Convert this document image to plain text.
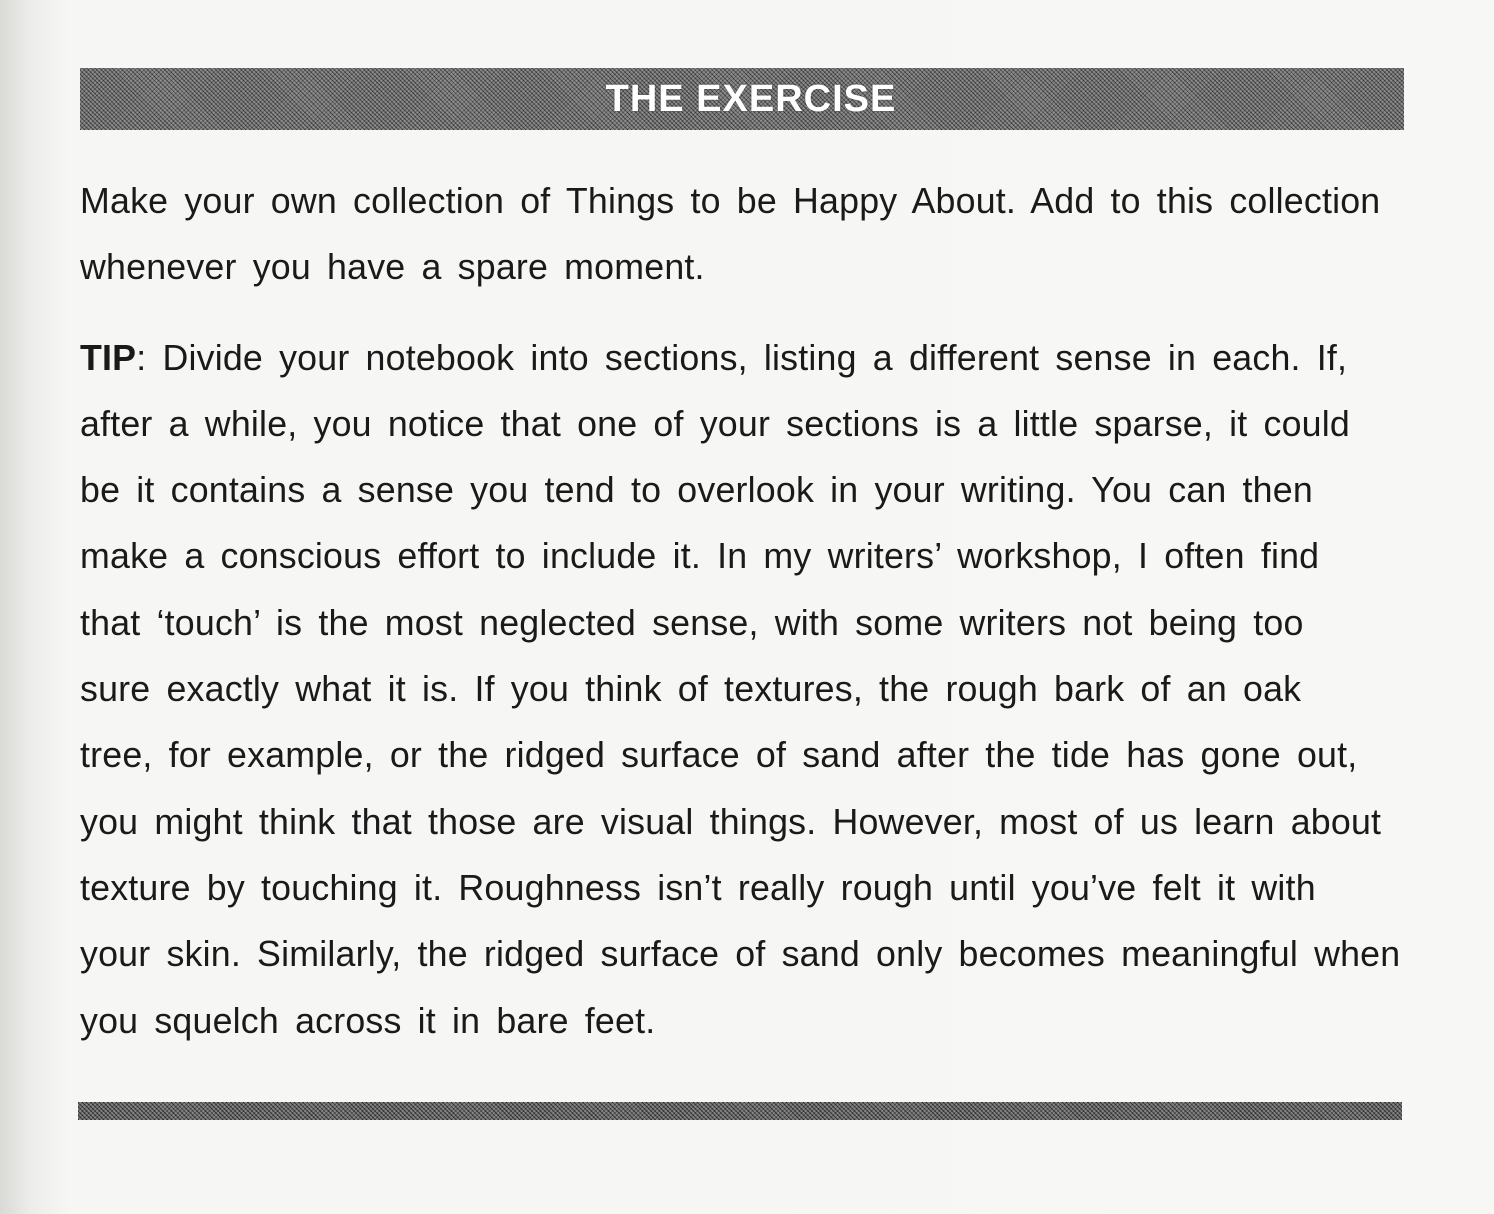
THE EXERCISE

Make your own collection of Things to be Happy About. Add to this collection
whenever you have a spare moment.

TIP: Divide your notebook into sections, listing a different sense in each. If,
after a while, you notice that one of your sections is a little sparse, it could
be it contains a sense you tend to overlook in your writing. You can then
make a conscious effort to include it. In my writers’ workshop, I often find
that ‘touch’ is the most neglected sense, with some writers not being too
sure exactly what it is. If you think of textures, the rough bark of an oak
tree, for example, or the ridged surface of sand after the tide has gone out,
you might think that those are visual things. However, most of us learn about
texture by touching it. Roughness isn’t really rough until you’ve felt it with
your skin. Similarly, the ridged surface of sand only becomes meaningful when
you squelch across it in bare feet.
